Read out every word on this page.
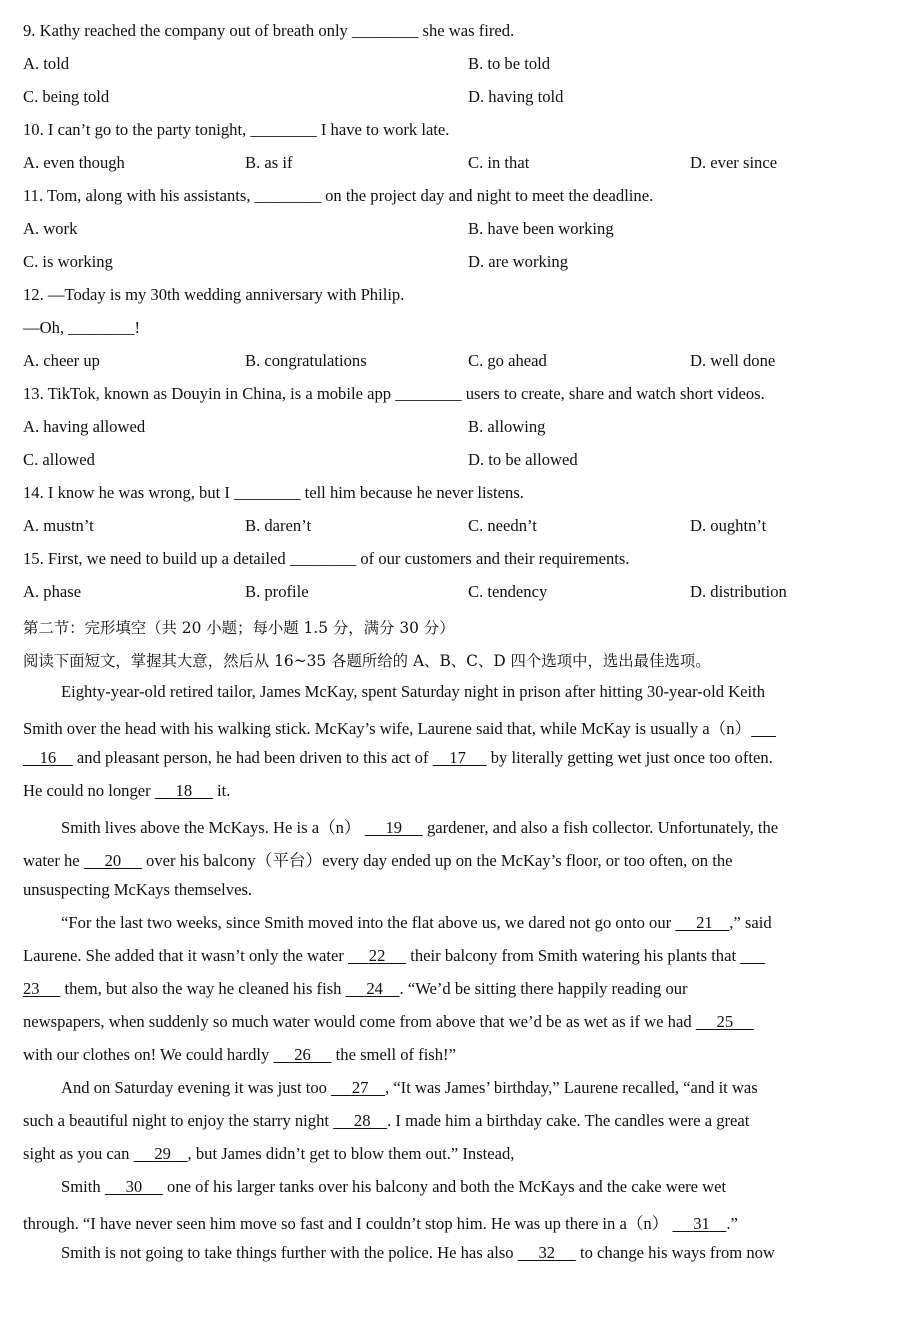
9. Kathy reached the company out of breath only ________ she was fired.
A. told	B. to be told
C. being told	D. having told
10. I can’t go to the party tonight, ________ I have to work late.
A. even though	B. as if	C. in that	D. ever since
11. Tom, along with his assistants, ________ on the project day and night to meet the deadline.
A. work	B. have been working
C. is working	D. are working
12. —Today is my 30th wedding anniversary with Philip.
—Oh, ________!
A. cheer up	B. congratulations	C. go ahead	D. well done
13. TikTok, known as Douyin in China, is a mobile app ________ users to create, share and watch short videos.
A. having allowed	B. allowing
C. allowed	D. to be allowed
14. I know he was wrong, but I ________ tell him because he never listens.
A. mustn’t	B. daren’t	C. needn’t	D. oughtn’t
15. First, we need to build up a detailed ________ of our customers and their requirements.
A. phase	B. profile	C. tendency	D. distribution
第二节：完形填空（共 20 小题；每小题 1.5 分，满分 30 分）
阅读下面短文，掌握其大意，然后从 16~35 各题所给的 A、B、C、D 四个选项中，选出最佳选项。
Eighty-year-old retired tailor, James McKay, spent Saturday night in prison after hitting 30-year-old Keith
Smith over the head with his walking stick. McKay’s wife, Laurene said that, while McKay is usually a（n）
16     and pleasant person, he had been driven to this act of     17      by literally getting wet just once too often.
He could no longer      18      it.
Smith lives above the McKays. He is a（n）      19      gardener, and also a fish collector. Unfortunately, the
water he      20      over his balcony（平台）every day ended up on the McKay’s floor, or too often, on the
unsuspecting McKays themselves.
“For the last two weeks, since Smith moved into the flat above us, we dared not go onto our      21 ,” said
Laurene. She added that it wasn’t only the water      22      their balcony from Smith watering his plants that
23      them, but also the way he cleaned his fish      24 . “We’d be sitting there happily reading our
newspapers, when suddenly so much water would come from above that we’d be as wet as if we had      25
with our clothes on! We could hardly      26      the smell of fish!”
And on Saturday evening it was just too      27 , “It was James’ birthday,” Laurene recalled, “and it was
such a beautiful night to enjoy the starry night      28 . I made him a birthday cake. The candles were a great
sight as you can      29 , but James didn’t get to blow them out.” Instead,
Smith      30      one of his larger tanks over his balcony and both the McKays and the cake were wet
through. “I have never seen him move so fast and I couldn’t stop him. He was up there in a（n）      31 .”
Smith is not going to take things further with the police. He has also      32      to change his ways from now
